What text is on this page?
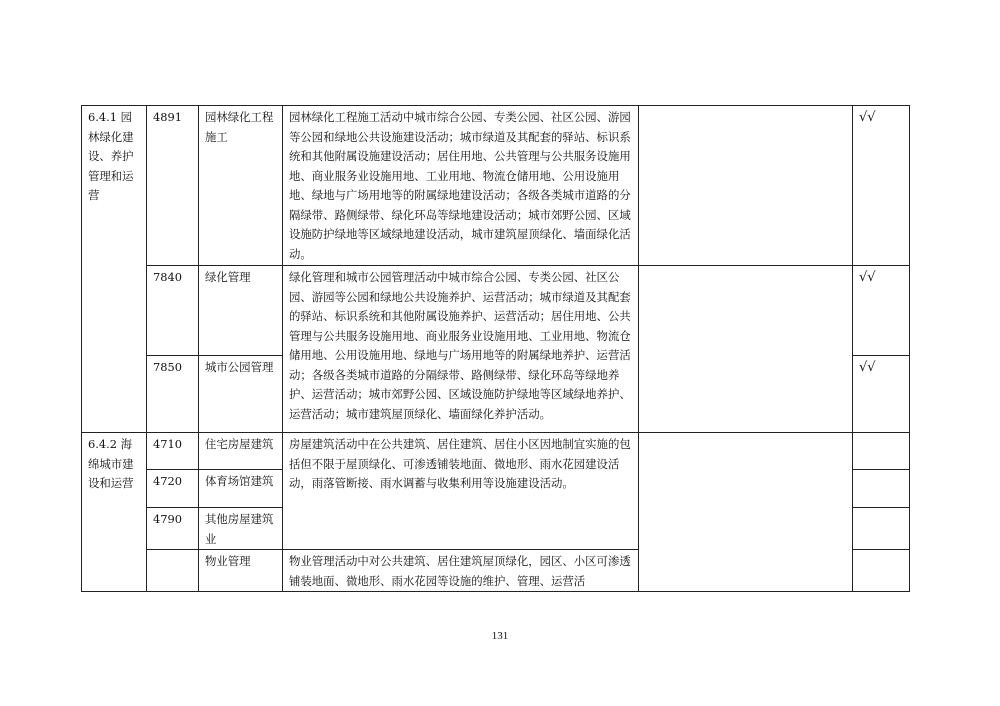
6.4.1 园林绿化建设、养护管理和运营	4891	园林绿化工程施工	园林绿化工程施工活动中城市综合公园、专类公园、社区公园、游园等公园和绿地公共设施建设活动；城市绿道及其配套的驿站、标识系统和其他附属设施建设活动；居住用地、公共管理与公共服务设施用地、商业服务业设施用地、工业用地、物流仓储用地、公用设施用地、绿地与广场用地等的附属绿地建设活动；各级各类城市道路的分隔绿带、路侧绿带、绿化环岛等绿地建设活动；城市郊野公园、区域设施防护绿地等区域绿地建设活动，城市建筑屋顶绿化、墙面绿化活动。		√√
	7840	绿化管理	绿化管理和城市公园管理活动中城市综合公园、专类公园、社区公园、游园等公园和绿地公共设施养护、运营活动；城市绿道及其配套的驿站、标识系统和其他附属设施养护、运营活动；居住用地、公共管理与公共服务设施用地、商业服务业设施用地、工业用地、物流仓储用地、公用设施用地、绿地与广场用地等的附属绿地养护、运营活动；各级各类城市道路的分隔绿带、路侧绿带、绿化环岛等绿地养护、运营活动；城市郊野公园、区域设施防护绿地等区域绿地养护、运营活动；城市建筑屋顶绿化、墙面绿化养护活动。		√√
	7850	城市公园管理			√√
6.4.2 海绵城市建设和运营	4710	住宅房屋建筑	房屋建筑活动中在公共建筑、居住建筑、居住小区因地制宜实施的包括但不限于屋顶绿化、可渗透铺装地面、微地形、雨水花园建设活动，雨落管断接、雨水调蓄与收集利用等设施建设活动。		
	4720	体育场馆建筑			
	4790	其他房屋建筑业			
		物业管理	物业管理活动中对公共建筑、居住建筑屋顶绿化，园区、小区可渗透铺装地面、微地形、雨水花园等设施的维护、管理、运营活		
131
